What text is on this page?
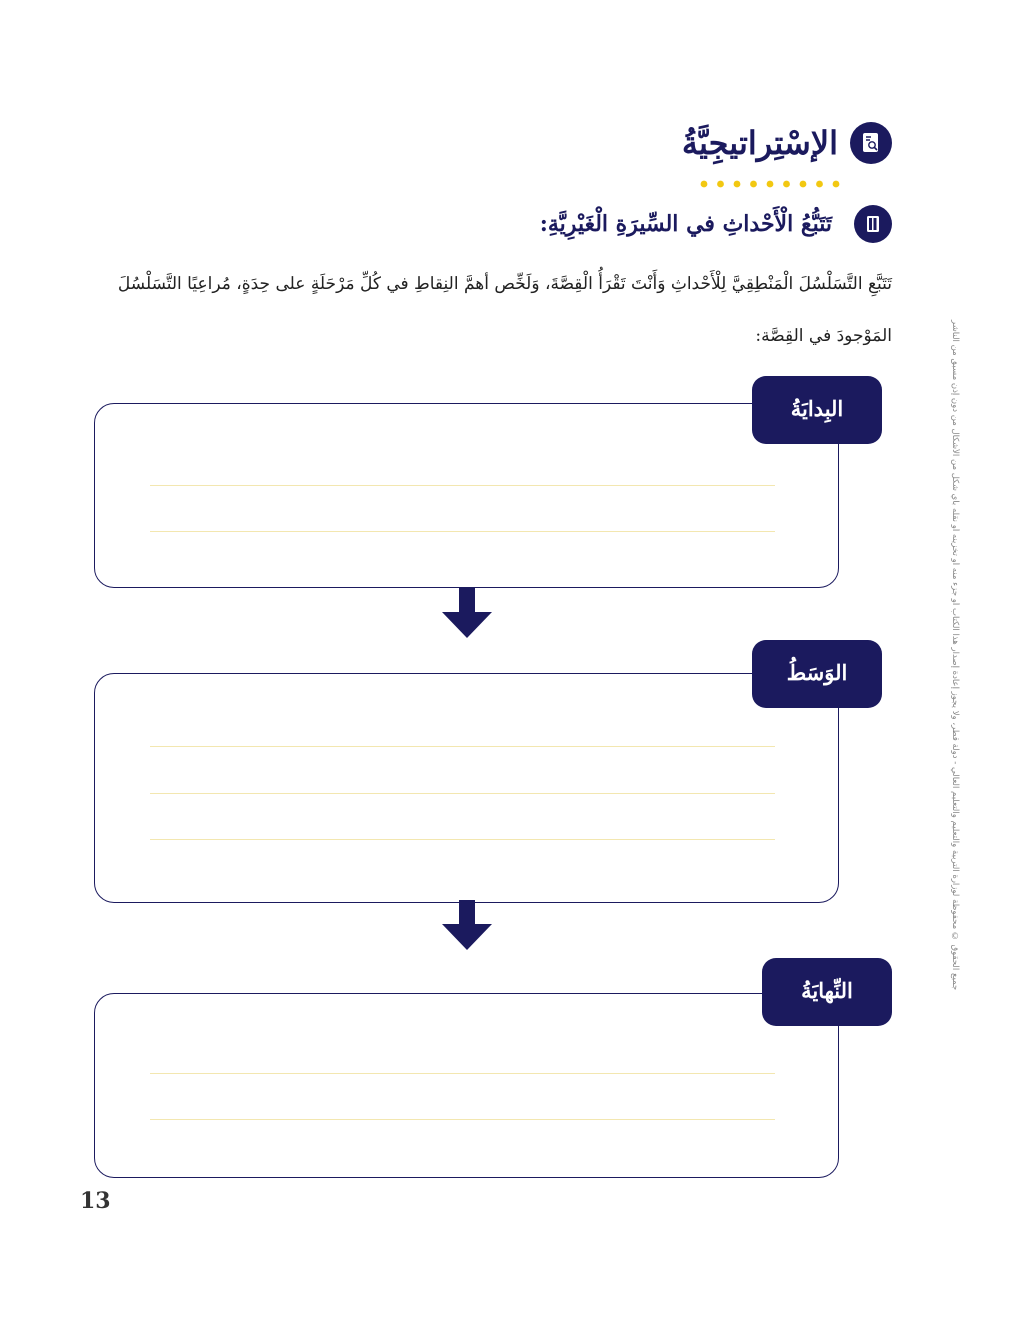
الإسْتِراتيجِيَّةُ
تَتَبُّعُ الْأَحْداثِ في السِّيرَةِ الْغَيْرِيَّةِ:
تَتَبَّعِ التَّسَلْسُلَ الْمَنْطِقِيَّ لِلْأَحْداثِ وَأَنْتَ تَقْرَأُ الْقِصَّةَ، وَلَخِّص أهمَّ النِقاطِ في كُلِّ مَرْحَلَةٍ على حِدَةٍ، مُراعِيًا التَّسَلْسُلَ المَوْجودَ في القِصَّة:
البِدايَةُ
الوَسَطُ
النِّهايَةُ	جميع الحقوق © محفوظة لوزارة التربية والتعليم والتعليم العالي - دولة قطر، ولا يجوز إعادة إصدار هذا الكتاب أو جزء منه أو تخزينه أو نقله بأي شكل من الأشكال من دون إذن مسبق من الناشر
13
